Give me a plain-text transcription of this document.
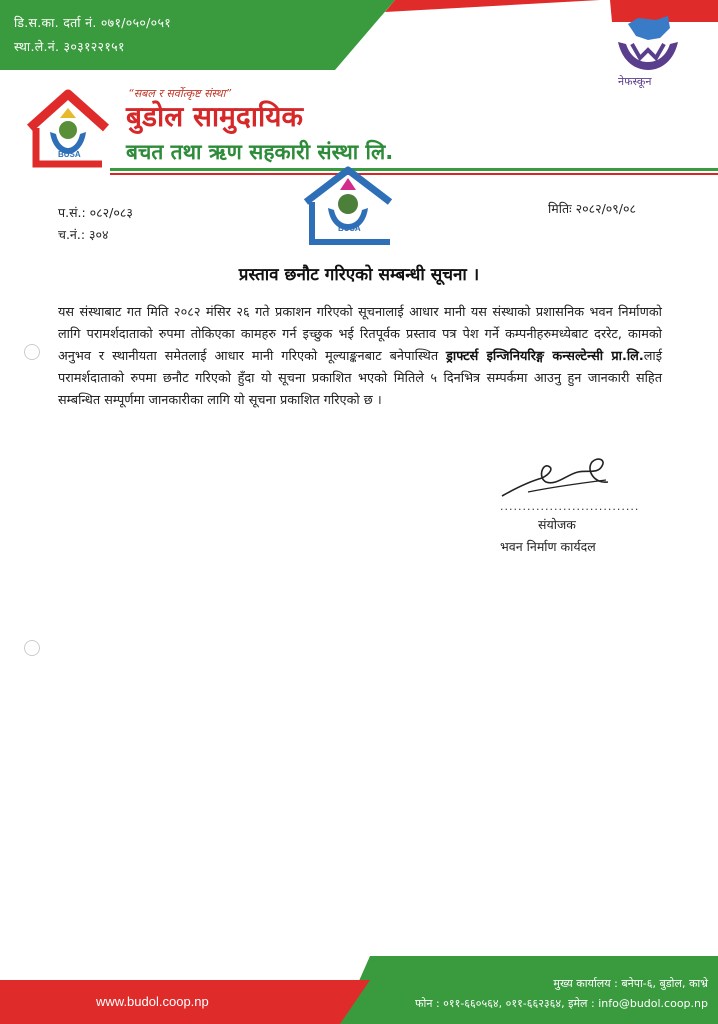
डि.स.का. दर्ता नं. ०७१/०५०/०५१
स्था.ले.नं. ३०३१२२१५१
नेफस्कून
BUSA
“सबल र सर्वोत्कृष्ट संस्था”
बुडोल सामुदायिक
बचत तथा ऋण सहकारी संस्था लि.
BUSA
प.सं.: ०८२/०८३
च.नं.: ३०४
मितिः २०८२/०९/०८
प्रस्ताव छनौट गरिएको सम्बन्धी सूचना ।
यस संस्थाबाट गत मिति २०८२ मंसिर २६ गते प्रकाशन गरिएको सूचनालाई आधार मानी यस संस्थाको प्रशासनिक भवन निर्माणको लागि परामर्शदाताको रुपमा तोकिएका कामहरु गर्न इच्छुक भई रितपूर्वक प्रस्ताव पत्र पेश गर्ने कम्पनीहरुमध्येबाट दररेट, कामको अनुभव र स्थानीयता समेतलाई आधार मानी गरिएको मूल्याङ्कनबाट बनेपास्थित ड्राफ्टर्स इन्जिनियरिङ्ग कन्सल्टेन्सी प्रा.लि.लाई परामर्शदाताको रुपमा छनौट गरिएको हुँदा यो सूचना प्रकाशित भएको मितिले ५ दिनभित्र सम्पर्कमा आउनु हुन जानकारी सहित सम्बन्धित सम्पूर्णमा जानकारीका लागि यो सूचना प्रकाशित गरिएको छ ।
...............................
संयोजक
भवन निर्माण कार्यदल
www.budol.coop.np
मुख्य कार्यालय : बनेपा-६, बुडोल, काभ्रे
फोन : ०११-६६०५६४, ०११-६६२३६४, इमेल : info@budol.coop.np
